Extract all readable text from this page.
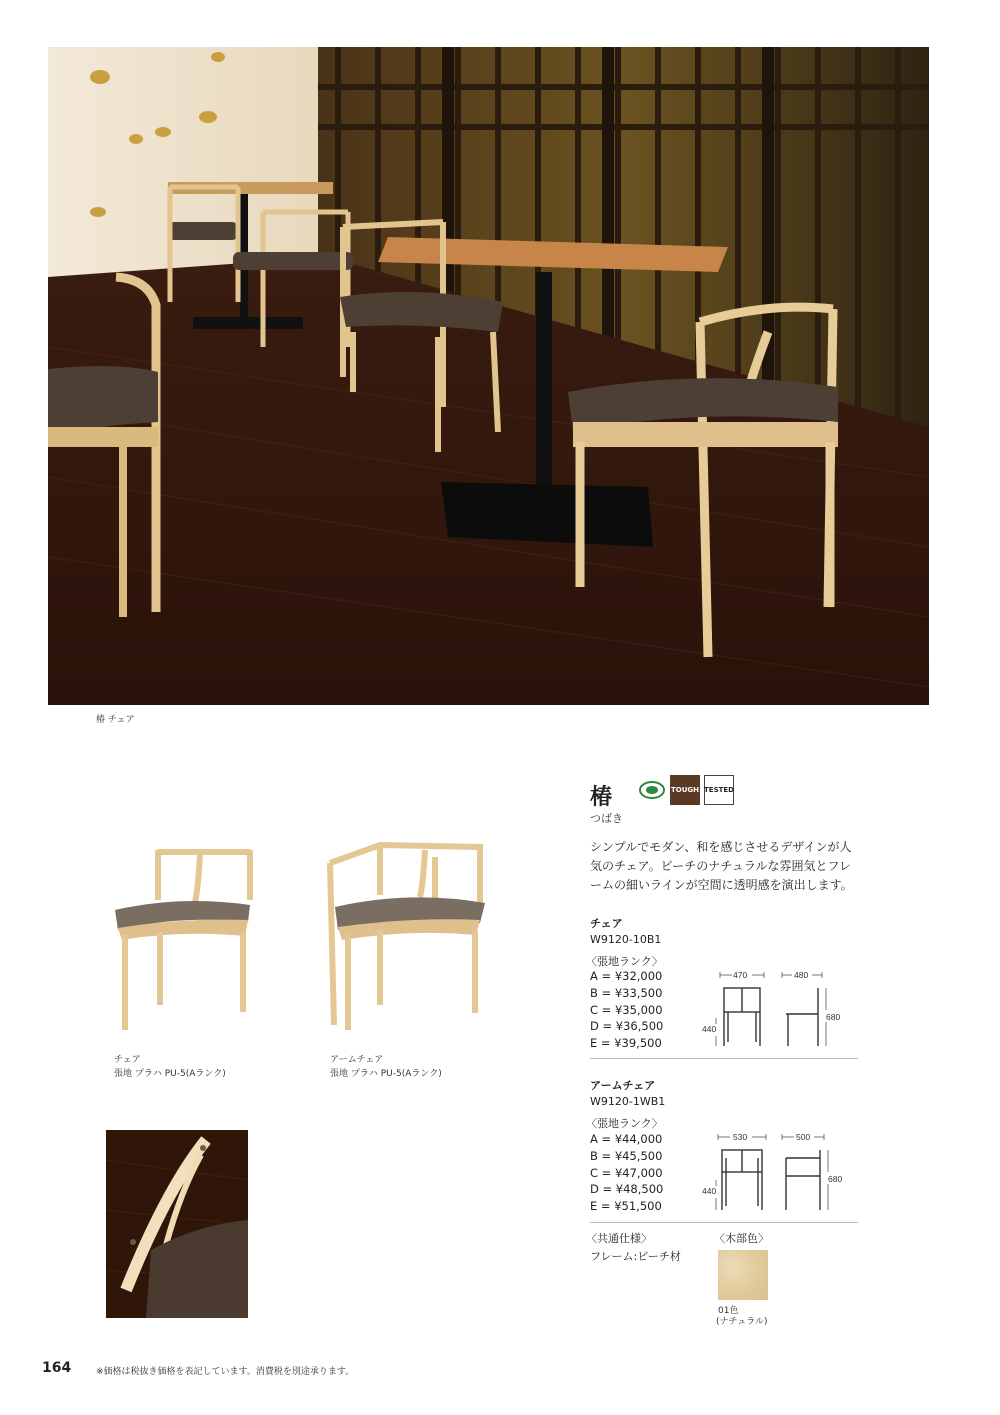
椿 チェア
椿	TOUGH TESTED
つばき
シンプルでモダン、和を感じさせるデザインが人気のチェア。ビーチのナチュラルな雰囲気とフレームの細いラインが空間に透明感を演出します。
チェア
張地 プラハ PU-5(Aランク)
アームチェア
張地 プラハ PU-5(Aランク)
チェア
W9120-10B1
〈張地ランク〉
A = ¥32,000
B = ¥33,500
C = ¥35,000
D = ¥36,500
E = ¥39,500
470	480
680
440
アームチェア
W9120-1WB1
〈張地ランク〉
A = ¥44,000
B = ¥45,500
C = ¥47,000
D = ¥48,500
E = ¥51,500
530	500
680
440
〈共通仕様〉
フレーム:ビーチ材
〈木部色〉
01色
(ナチュラル)
164	※価格は税抜き価格を表記しています。消費税を別途承ります。
